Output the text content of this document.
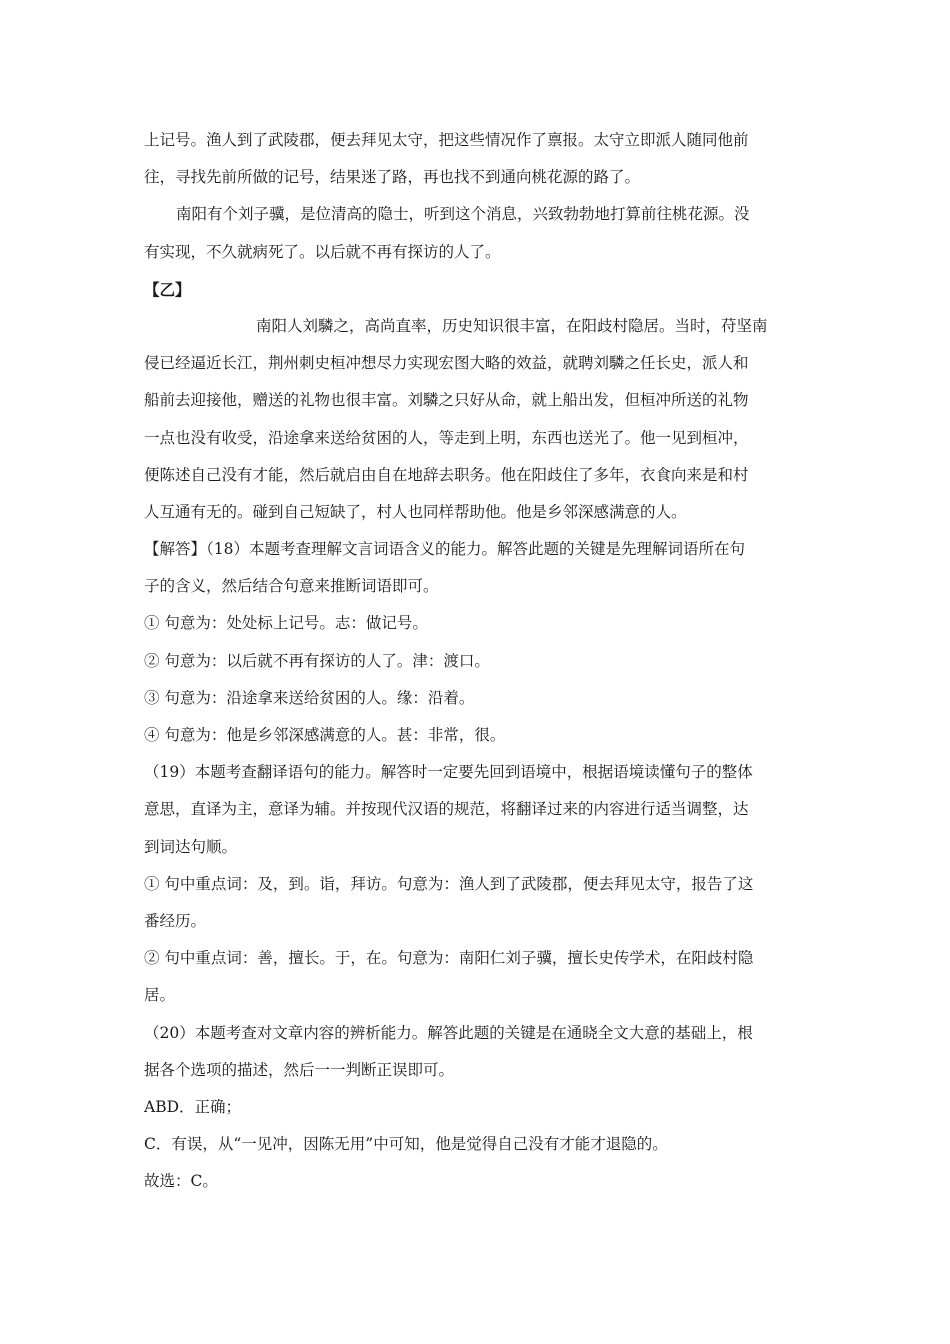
上记号。渔人到了武陵郡，便去拜见太守，把这些情况作了禀报。太守立即派人随同他前
往，寻找先前所做的记号，结果迷了路，再也找不到通向桃花源的路了。
南阳有个刘子骥，是位清高的隐士，听到这个消息，兴致勃勃地打算前往桃花源。没
有实现，不久就病死了。以后就不再有探访的人了。
【乙】
南阳人刘驎之，高尚直率，历史知识很丰富，在阳歧村隐居。当时，苻坚南
侵已经逼近长江，荆州刺史桓冲想尽力实现宏图大略的效益，就聘刘驎之任长史，派人和
船前去迎接他，赠送的礼物也很丰富。刘驎之只好从命，就上船出发，但桓冲所送的礼物
一点也没有收受，沿途拿来送给贫困的人，等走到上明，东西也送光了。他一见到桓冲，
便陈述自己没有才能，然后就启由自在地辞去职务。他在阳歧住了多年，衣食向来是和村
人互通有无的。碰到自己短缺了，村人也同样帮助他。他是乡邻深感满意的人。
【解答】（18）本题考查理解文言词语含义的能力。解答此题的关键是先理解词语所在句
子的含义，然后结合句意来推断词语即可。
① 句意为：处处标上记号。志：做记号。
② 句意为：以后就不再有探访的人了。津：渡口。
③ 句意为：沿途拿来送给贫困的人。缘：沿着。
④ 句意为：他是乡邻深感满意的人。甚：非常，很。
（19）本题考查翻译语句的能力。解答时一定要先回到语境中，根据语境读懂句子的整体
意思，直译为主，意译为辅。并按现代汉语的规范，将翻译过来的内容进行适当调整，达
到词达句顺。
① 句中重点词：及，到。诣，拜访。句意为：渔人到了武陵郡，便去拜见太守，报告了这
番经历。
② 句中重点词：善，擅长。于，在。句意为：南阳仁刘子骥，擅长史传学术，在阳歧村隐
居。
（20）本题考查对文章内容的辨析能力。解答此题的关键是在通晓全文大意的基础上，根
据各个选项的描述，然后一一判断正误即可。
ABD．正确；
C．有误，从“一见冲，因陈无用”中可知，他是觉得自己没有才能才退隐的。
故选：C。
